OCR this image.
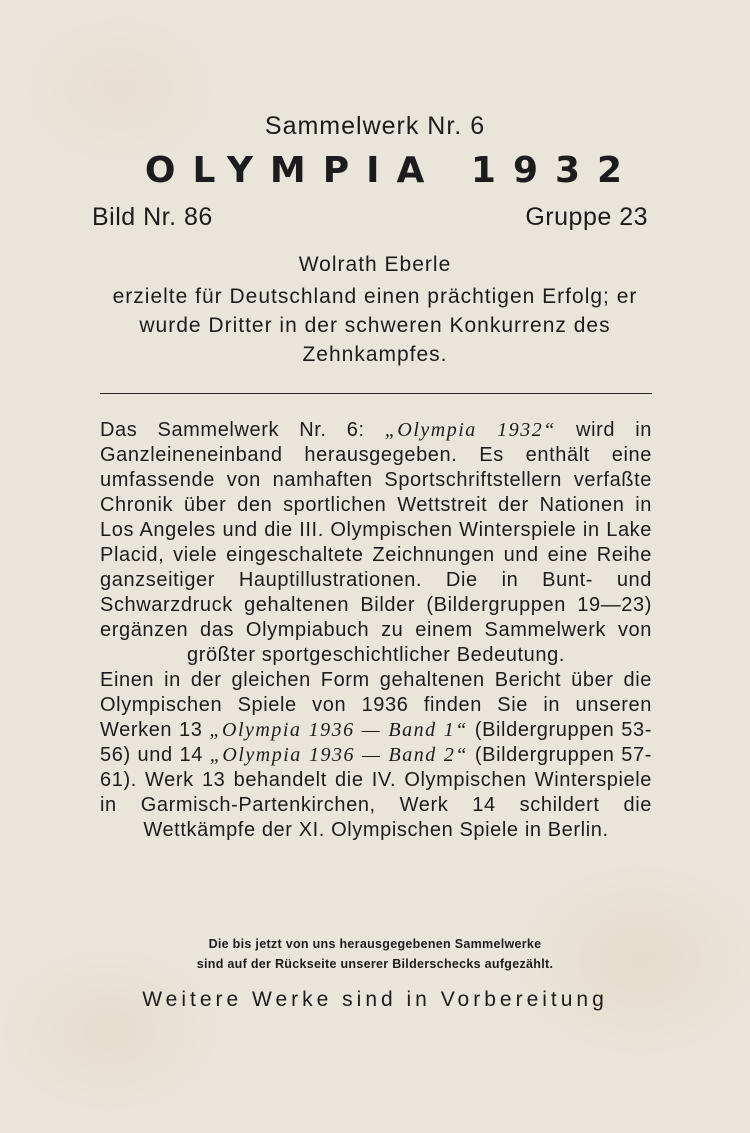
Sammelwerk Nr. 6
OLYMPIA 1932
Bild Nr. 86	Gruppe 23
Wolrath Eberle
erzielte für Deutschland einen prächtigen Erfolg; er wurde Dritter in der schweren Konkurrenz des Zehnkampfes.
Das Sammelwerk Nr. 6: „Olympia 1932“ wird in Ganzleineneinband herausgegeben. Es enthält eine umfassende von namhaften Sportschriftstellern verfaßte Chronik über den sportlichen Wettstreit der Nationen in Los Angeles und die III. Olympischen Winterspiele in Lake Placid, viele eingeschaltete Zeichnungen und eine Reihe ganzseitiger Hauptillustrationen. Die in Bunt- und Schwarzdruck gehaltenen Bilder (Bildergruppen 19—23) ergänzen das Olympiabuch zu einem Sammelwerk von größter sportgeschichtlicher Bedeutung.
Einen in der gleichen Form gehaltenen Bericht über die Olympischen Spiele von 1936 finden Sie in unseren Werken 13 „Olympia 1936 — Band 1“ (Bildergruppen 53-56) und 14 „Olympia 1936 — Band 2“ (Bildergruppen 57-61). Werk 13 behandelt die IV. Olympischen Winterspiele in Garmisch-Partenkirchen, Werk 14 schildert die Wettkämpfe der XI. Olympischen Spiele in Berlin.
Die bis jetzt von uns herausgegebenen Sammelwerke
sind auf der Rückseite unserer Bilderschecks aufgezählt.
Weitere Werke sind in Vorbereitung
